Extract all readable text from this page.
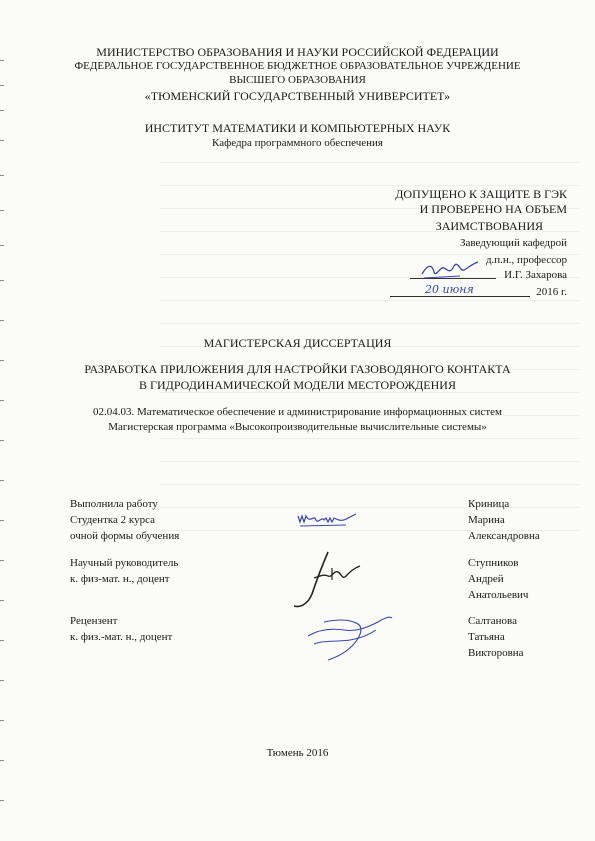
МИНИСТЕРСТВО ОБРАЗОВАНИЯ И НАУКИ РОССИЙСКОЙ ФЕДЕРАЦИИ
ФЕДЕРАЛЬНОЕ ГОСУДАРСТВЕННОЕ БЮДЖЕТНОЕ ОБРАЗОВАТЕЛЬНОЕ УЧРЕЖДЕНИЕ
ВЫСШЕГО ОБРАЗОВАНИЯ
«ТЮМЕНСКИЙ ГОСУДАРСТВЕННЫЙ УНИВЕРСИТЕТ»
ИНСТИТУТ МАТЕМАТИКИ И КОМПЬЮТЕРНЫХ НАУК
Кафедра программного обеспечения
ДОПУЩЕНО К ЗАЩИТЕ В ГЭК
И ПРОВЕРЕНО НА ОБЪЕМ
ЗАИМСТВОВАНИЯ
Заведующий кафедрой
д.п.н., профессор
И.Г. Захарова
2016 г.
20 июня
МАГИСТЕРСКАЯ ДИССЕРТАЦИЯ
РАЗРАБОТКА ПРИЛОЖЕНИЯ ДЛЯ НАСТРОЙКИ ГАЗОВОДЯНОГО КОНТАКТА
В ГИДРОДИНАМИЧЕСКОЙ МОДЕЛИ МЕСТОРОЖДЕНИЯ
02.04.03. Математическое обеспечение и администрирование информационных систем
Магистерская программа «Высокопроизводительные вычислительные системы»
Выполнила работу
Студентка 2 курса
очной формы обучения
Криница
Марина
Александровна
Научный руководитель
к. физ-мат. н., доцент
Ступников
Андрей
Анатольевич
Рецензент
к. физ.-мат. н., доцент
Салтанова
Татьяна
Викторовна
Тюмень 2016
